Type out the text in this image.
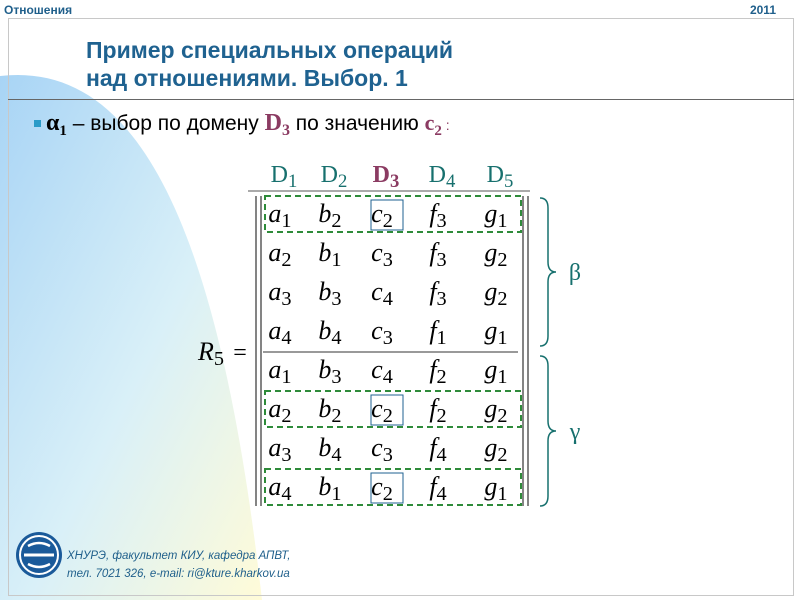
Отношения	2011
Пример специальных операций
над отношениями. Выбор. 1
$\alpha_1$ – выбор по домену $D_3$ по значению $c_2$ :
$D_1$ $D_2$ $D_3$ $D_4$ $D_5$
a1 b2 c2 f3 g1
a2 b1 c3 f3 g2
a3 b3 c4 f3 g2
a4 b4 c3 f1 g1
a1 b3 c4 f2 g1
a2 b2 c2 f2 g2
a3 b4 c3 f4 g2
a4 b1 c2 f4 g1
R5 =
β
γ
ХНУРЭ, факультет КИУ, кафедра АПВТ,
тел. 7021 326, e-mail: ri@kture.kharkov.ua
